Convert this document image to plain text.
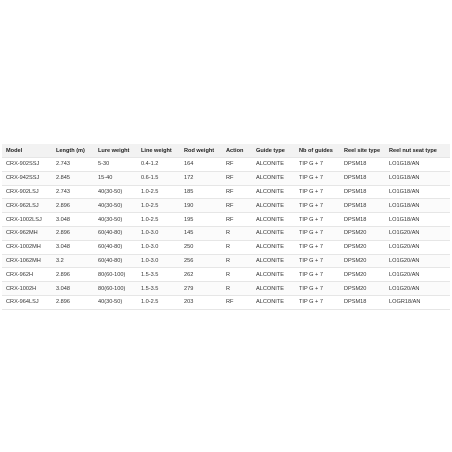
Model	Length (m)	Lure weight	Line weight	Rod weight	Action	Guide type	Nb of guides	Reel site type	Reel nut seat type
CRX-902SSJ	2.743	5-30	0.4-1.2	164	RF	ALCONITE	TIP G + 7	DPSM18	LO1G18/AN
CRX-942SSJ	2.845	15-40	0.6-1.5	172	RF	ALCONITE	TIP G + 7	DPSM18	LO1G18/AN
CRX-902LSJ	2.743	40(30-50)	1.0-2.5	185	RF	ALCONITE	TIP G + 7	DPSM18	LO1G18/AN
CRX-962LSJ	2.896	40(30-50)	1.0-2.5	190	RF	ALCONITE	TIP G + 7	DPSM18	LO1G18/AN
CRX-1002LSJ	3.048	40(30-50)	1.0-2.5	195	RF	ALCONITE	TIP G + 7	DPSM18	LO1G18/AN
CRX-962MH	2.896	60(40-80)	1.0-3.0	145	R	ALCONITE	TIP G + 7	DPSM20	LO1G20/AN
CRX-1002MH	3.048	60(40-80)	1.0-3.0	250	R	ALCONITE	TIP G + 7	DPSM20	LO1G20/AN
CRX-1062MH	3.2	60(40-80)	1.0-3.0	256	R	ALCONITE	TIP G + 7	DPSM20	LO1G20/AN
CRX-962H	2.896	80(60-100)	1.5-3.5	262	R	ALCONITE	TIP G + 7	DPSM20	LO1G20/AN
CRX-1002H	3.048	80(60-100)	1.5-3.5	279	R	ALCONITE	TIP G + 7	DPSM20	LO1G20/AN
CRX-964LSJ	2.896	40(30-50)	1.0-2.5	203	RF	ALCONITE	TIP G + 7	DPSM18	LOGR18/AN
